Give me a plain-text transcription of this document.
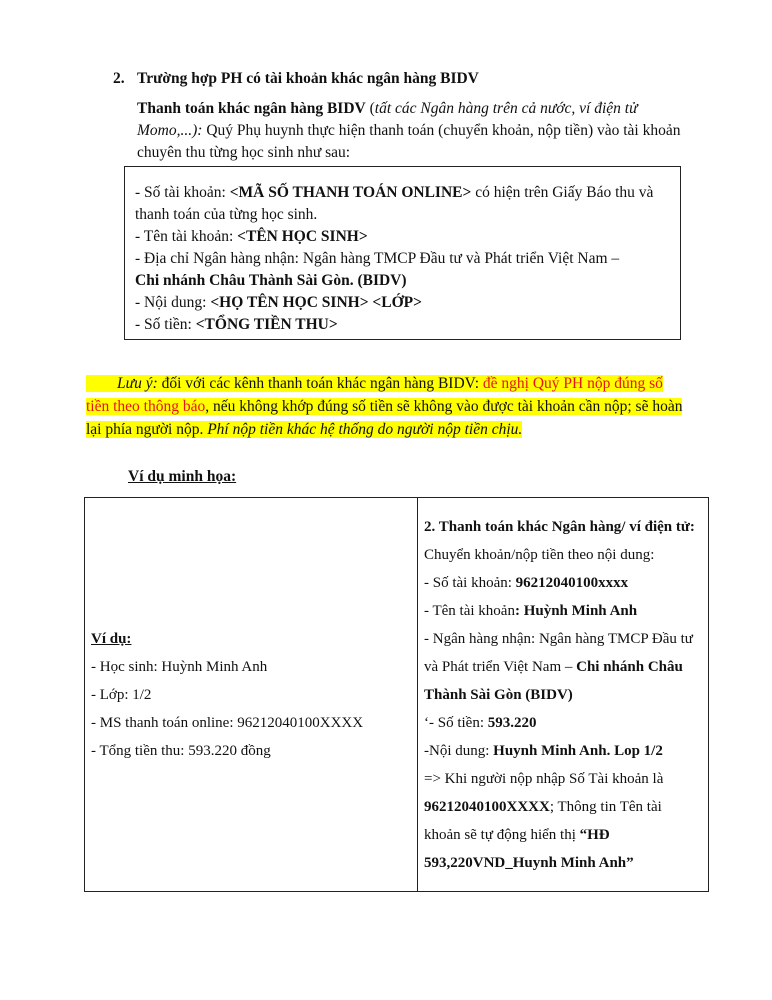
2. Trường hợp PH có tài khoản khác ngân hàng BIDV
Thanh toán khác ngân hàng BIDV (tất các Ngân hàng trên cả nước, ví điện tử Momo,...): Quý Phụ huynh thực hiện thanh toán (chuyển khoản, nộp tiền) vào tài khoản chuyên thu từng học sinh như sau:
- Số tài khoản: <MÃ SỐ THANH TOÁN ONLINE> có hiện trên Giấy Báo thu và thanh toán của từng học sinh.
- Tên tài khoản: <TÊN HỌC SINH>
- Địa chỉ Ngân hàng nhận: Ngân hàng TMCP Đầu tư và Phát triển Việt Nam –
Chi nhánh Châu Thành Sài Gòn. (BIDV)
- Nội dung: <HỌ TÊN HỌC SINH> <LỚP>
- Số tiền: <TỔNG TIỀN THU>
  Lưu ý: đối với các kênh thanh toán khác ngân hàng BIDV: đề nghị Quý PH nộp đúng số tiền theo thông báo, nếu không khớp đúng số tiền sẽ không vào được tài khoản cần nộp; sẽ hoàn lại phía người nộp. Phí nộp tiền khác hệ thống do người nộp tiền chịu.
Ví dụ minh họa:
Ví dụ:
- Học sinh: Huỳnh Minh Anh
- Lớp: 1/2
- MS thanh toán online: 96212040100XXXX
- Tổng tiền thu: 593.220 đồng

2. Thanh toán khác Ngân hàng/ ví điện tử: Chuyển khoản/nộp tiền theo nội dung:
- Số tài khoản: 96212040100xxxx
- Tên tài khoản: Huỳnh Minh Anh
- Ngân hàng nhận: Ngân hàng TMCP Đầu tư và Phát triển Việt Nam – Chi nhánh Châu Thành Sài Gòn (BIDV)
‘- Số tiền: 593.220
-Nội dung: Huynh Minh Anh. Lop 1/2
=> Khi người nộp nhập Số Tài khoản là 96212040100XXXX; Thông tin Tên tài khoản sẽ tự động hiển thị “HĐ 593,220VND_Huynh Minh Anh”
